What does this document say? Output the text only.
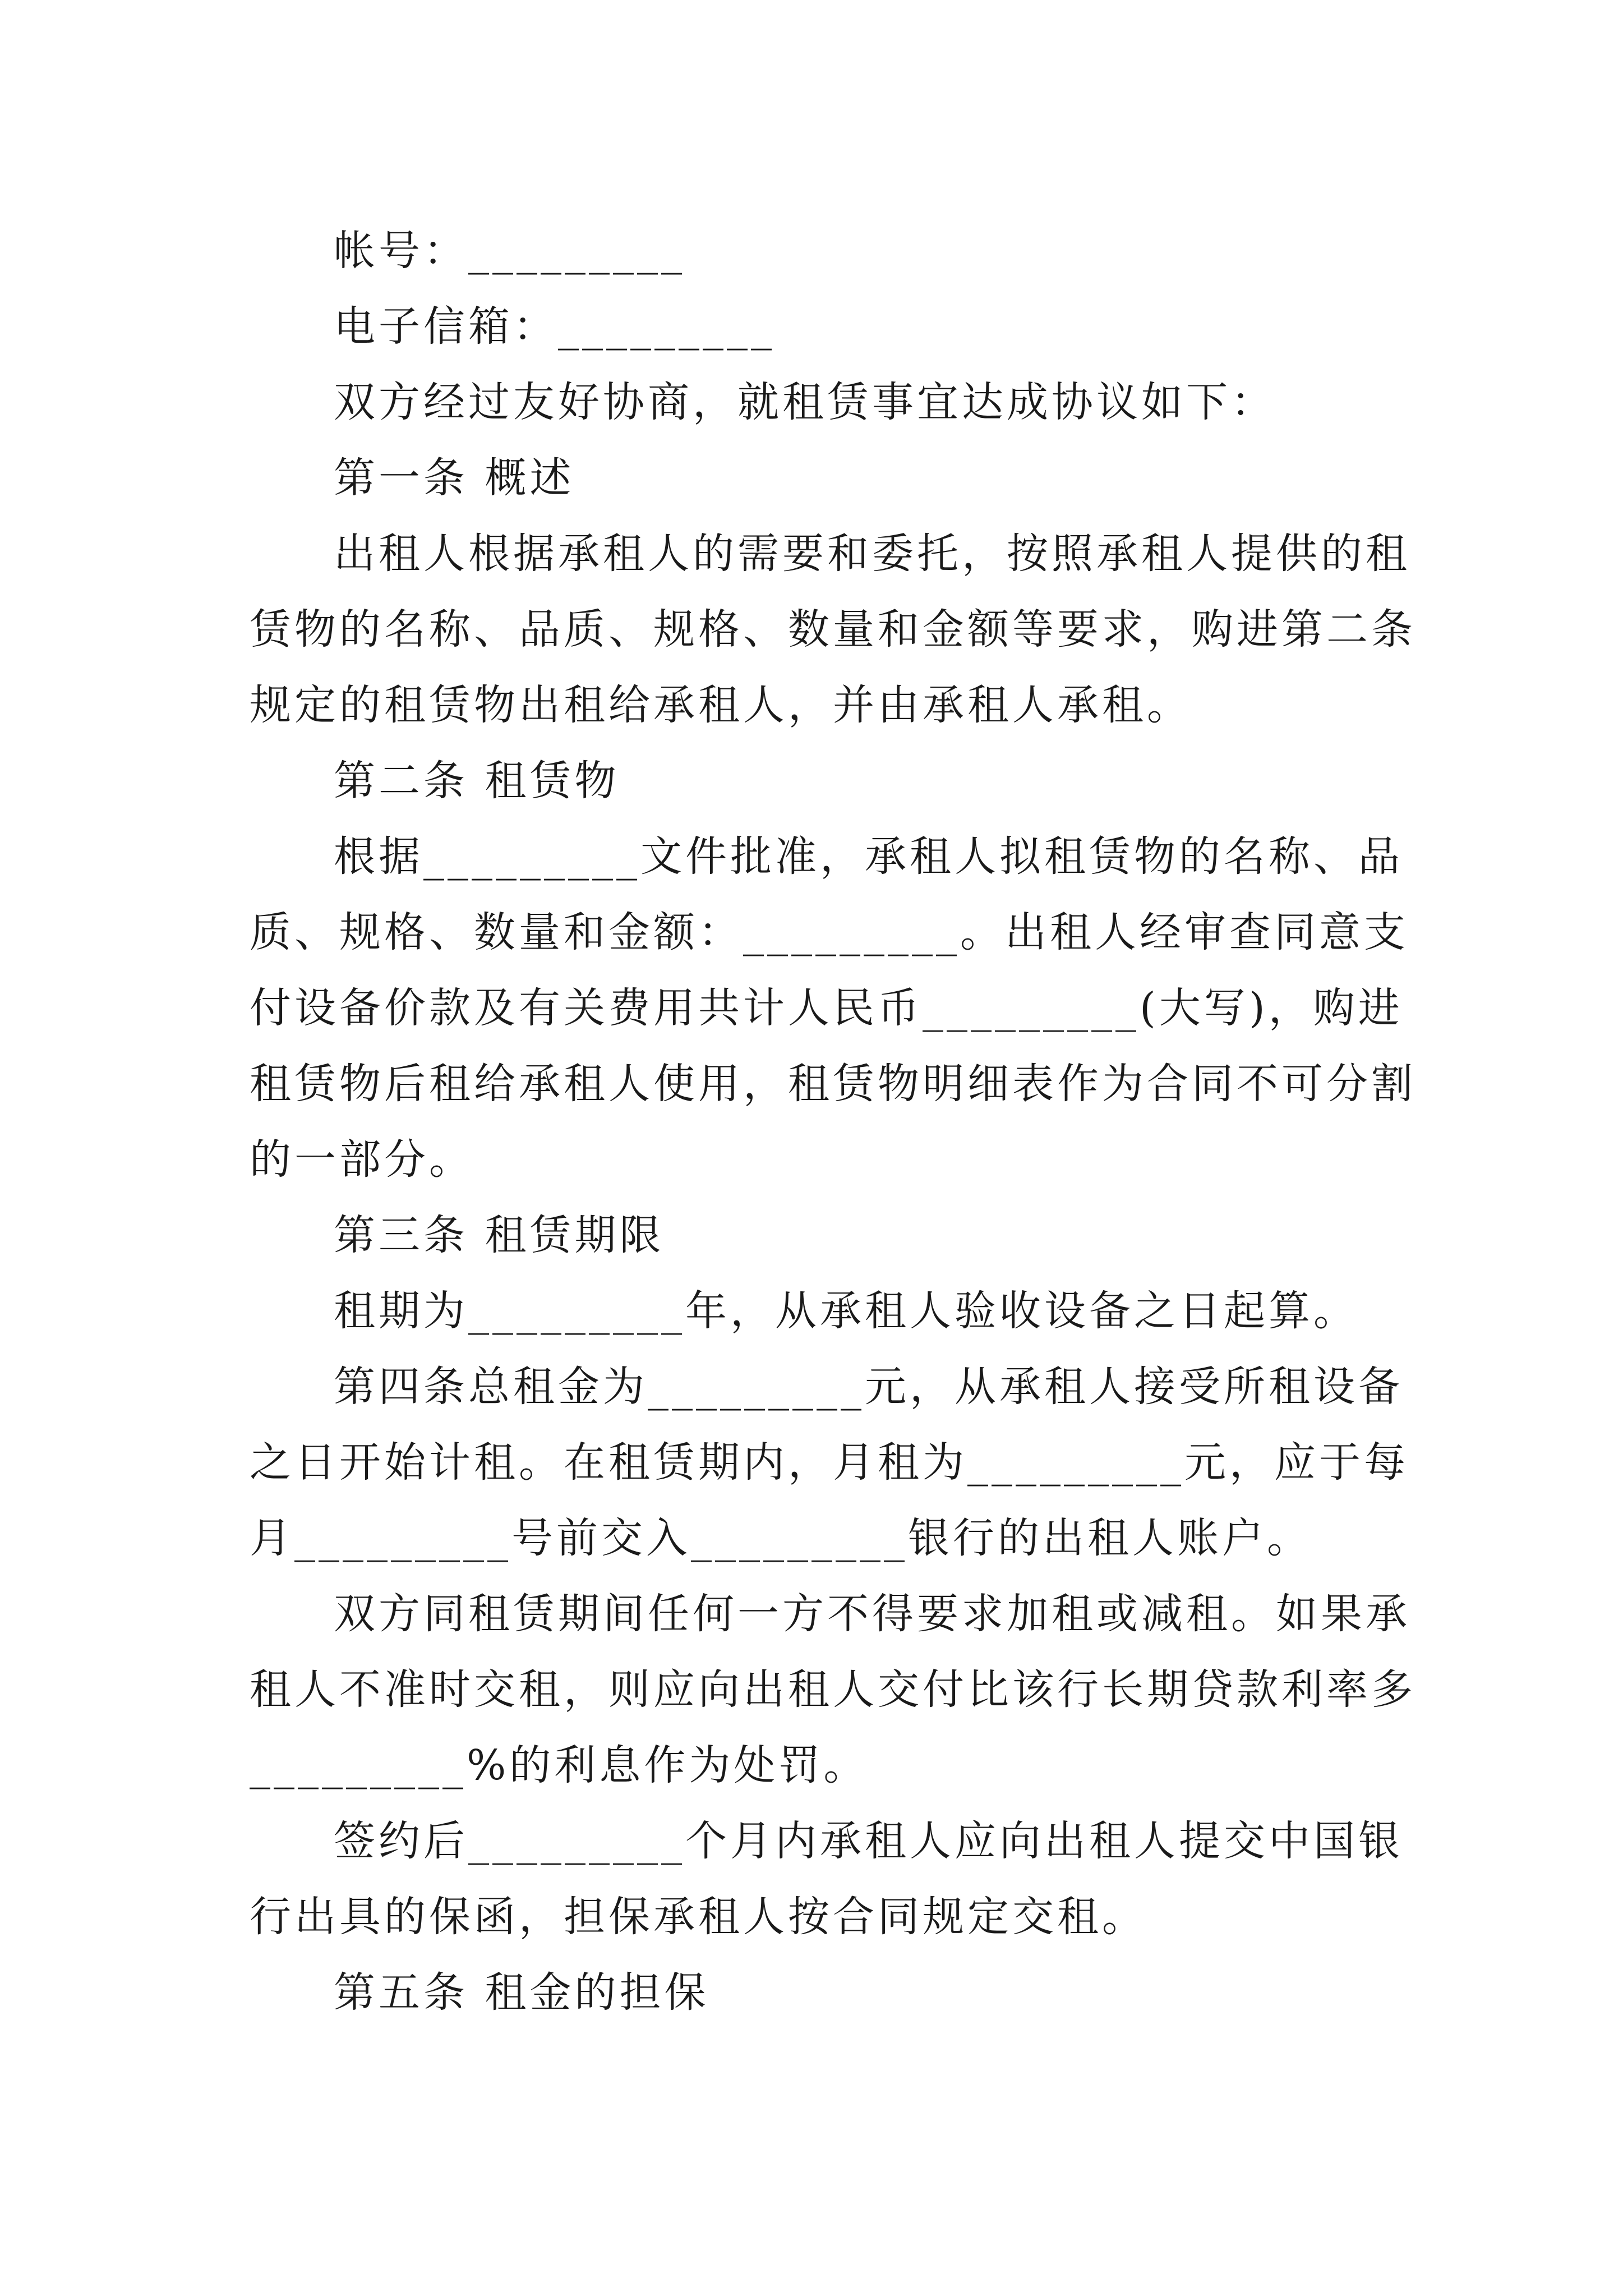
帐号：_________
电子信箱：_________
双方经过友好协商，就租赁事宜达成协议如下：
第一条 概述
出租人根据承租人的需要和委托，按照承租人提供的租
赁物的名称、品质、规格、数量和金额等要求，购进第二条
规定的租赁物出租给承租人，并由承租人承租。
第二条 租赁物
根据_________文件批准，承租人拟租赁物的名称、品
质、规格、数量和金额：_________。出租人经审查同意支
付设备价款及有关费用共计人民币_________(大写)，购进
租赁物后租给承租人使用，租赁物明细表作为合同不可分割
的一部分。
第三条 租赁期限
租期为_________年，从承租人验收设备之日起算。
第四条总租金为_________元，从承租人接受所租设备
之日开始计租。在租赁期内，月租为_________元，应于每
月_________号前交入_________银行的出租人账户。
双方同租赁期间任何一方不得要求加租或减租。如果承
租人不准时交租，则应向出租人交付比该行长期贷款利率多
_________%的利息作为处罚。
签约后_________个月内承租人应向出租人提交中国银
行出具的保函，担保承租人按合同规定交租。
第五条 租金的担保
